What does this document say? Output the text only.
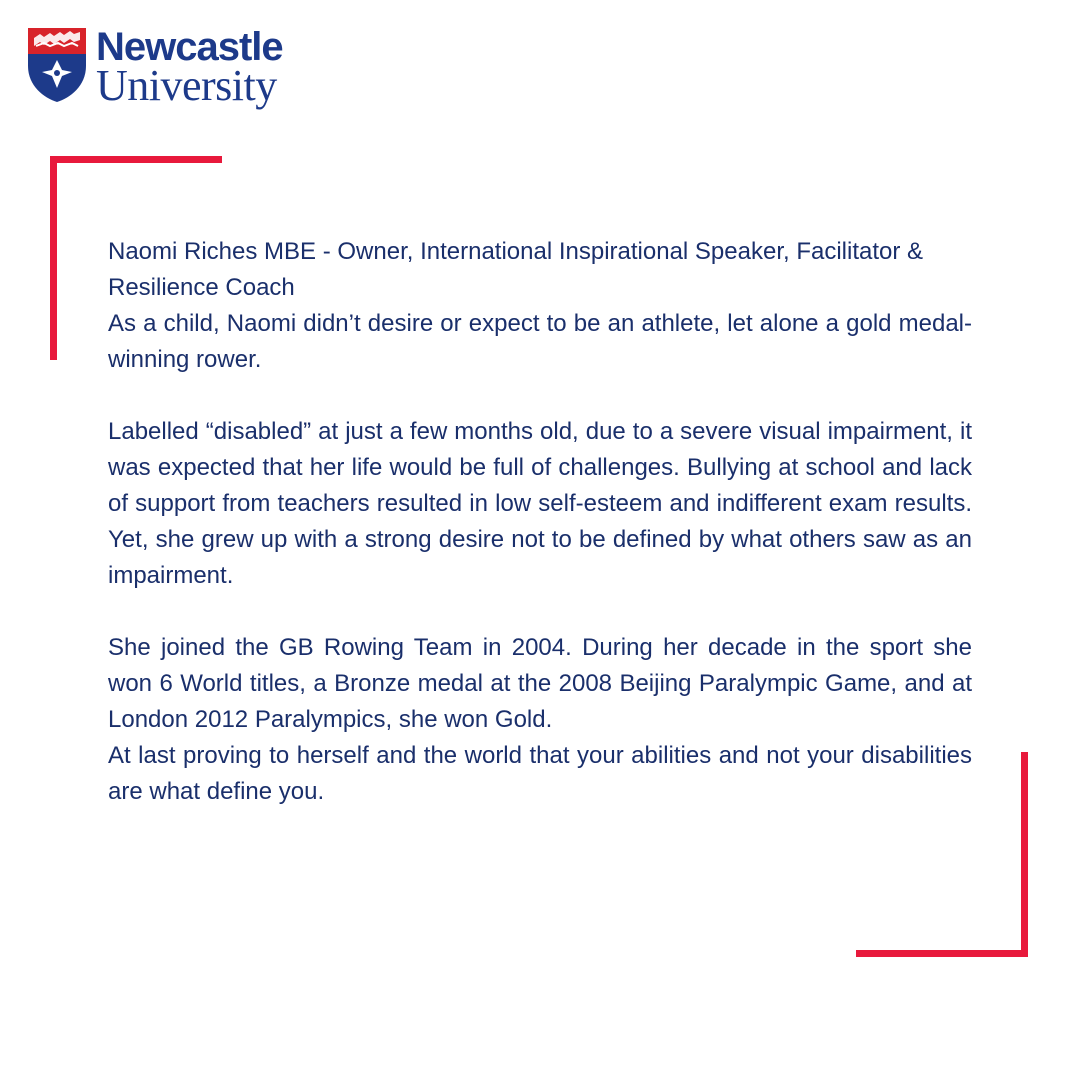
Newcastle
University

Naomi Riches MBE - Owner, International Inspirational Speaker, Facilitator & Resilience Coach

As a child, Naomi didn’t desire or expect to be an athlete, let alone a gold medal-winning rower.

Labelled “disabled” at just a few months old, due to a severe visual impairment, it was expected that her life would be full of challenges. Bullying at school and lack of support from teachers resulted in low self-esteem and indifferent exam results. Yet, she grew up with a strong desire not to be defined by what others saw as an impairment.

She joined the GB Rowing Team in 2004. During her decade in the sport she won 6 World titles, a Bronze medal at the 2008 Beijing Paralympic Game, and at London 2012 Paralympics, she won Gold.

At last proving to herself and the world that your abilities and not your disabilities are what define you.
